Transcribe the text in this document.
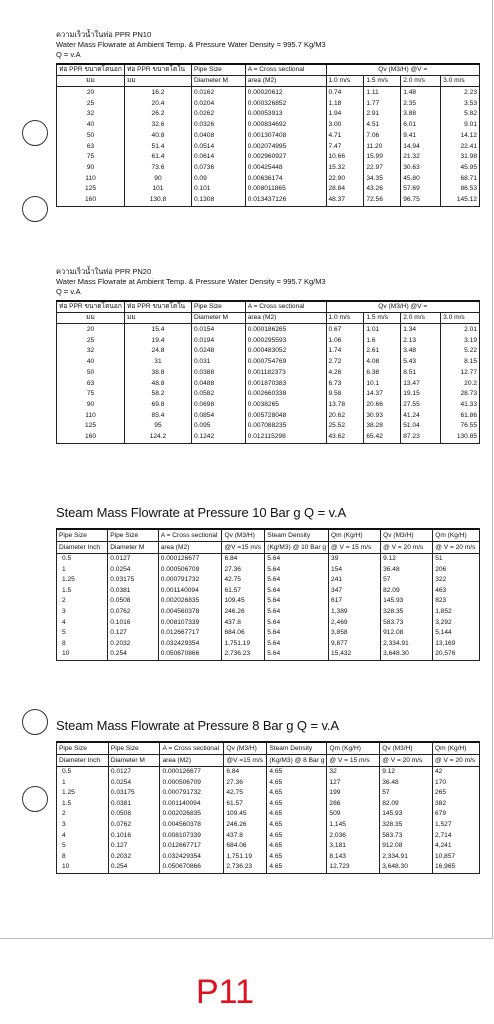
ความเร็วน้ำในท่อ PPR PN10
Water Mass Flowrate at Ambient Temp. & Pressure Water Density = 995.7 Kg/M3
Q = v.A
ท่อ PPR ขนาดโตนอก	ท่อ PPR ขนาดโตใน	Pipe Size	A = Cross sectional	Qv (M3/H) @V =			
มม	มม	Diameter M	area (M2)	1.0 m/s	1.5 m/s	2.0 m/s	3.0 m/s
20	16.2	0.0162	0.00020612	0.74	1.11	1.48	2.23
25	20.4	0.0204	0.000326852	1.18	1.77	2.35	3.53
32	26.2	0.0262	0.00053913	1.94	2.91	3.88	5.82
40	32.6	0.0326	0.000834692	3.00	4.51	6.01	9.01
50	40.8	0.0408	0.001307408	4.71	7.06	9.41	14.12
63	51.4	0.0514	0.002074995	7.47	11.20	14.94	22.41
75	61.4	0.0614	0.002960927	10.66	15.99	21.32	31.98
90	73.6	0.0736	0.00425448	15.32	22.97	30.63	45.95
110	90	0.09	0.00636174	22.90	34.35	45.80	68.71
125	101	0.101	0.008011865	28.84	43.26	57.69	86.53
160	130.8	0.1308	0.013437126	48.37	72.56	96.75	145.12
ความเร็วน้ำในท่อ PPR PN20
Water Mass Flowrate at Ambient Temp. & Pressure Water Density = 995.7 Kg/M3
Q = v.A
ท่อ PPR ขนาดโตนอก	ท่อ PPR ขนาดโตใน	Pipe Size	A = Cross sectional	Qv (M3/H) @V =			
มม	มม	Diameter M	area (M2)	1.0 m/s	1.5 m/s	2.0 m/s	3.0 m/s
20	15.4	0.0154	0.000186265	0.67	1.01	1.34	2.01
25	19.4	0.0194	0.000295593	1.06	1.6	2.13	3.19
32	24.8	0.0248	0.000483052	1.74	2.61	3.48	5.22
40	31	0.031	0.000754769	2.72	4.08	5.43	8.15
50	38.8	0.0388	0.001182373	4.26	6.38	8.51	12.77
63	48.8	0.0488	0.001870383	6.73	10.1	13.47	20.2
75	58.2	0.0582	0.002660338	9.58	14.37	19.15	28.73
90	69.8	0.0698	0.0038265	13.78	20.66	27.55	41.33
110	85.4	0.0854	0.005728048	20.62	30.93	41.24	61.86
125	95	0.095	0.007088235	25.52	38.28	51.04	76.55
160	124.2	0.1242	0.012115298	43.62	65.42	87.23	130.85
Steam Mass Flowrate at Pressure 10 Bar g Q = v.A
Pipe Size	Pipe Size	A = Cross sectional	Qv (M3/H)	Steam Density	Qm (Kg/H)	Qv (M3/H)	Qm (Kg/H)
Diameter Inch	Diameter M	area (M2)	@V =15 m/s	(Kg/M3) @ 10 Bar g	@ V = 15 m/s	@ V = 20 m/s	@ V = 20 m/s
0.5	0.0127	0.000126677	6.84	5.64	39	9.12	51
1	0.0254	0.000506709	27.36	5.64	154	36.48	206
1.25	0.03175	0.000791732	42.75	5.64	241	57	322
1.5	0.0381	0.001140094	61.57	5.64	347	82.09	463
2	0.0508	0.002026835	109.45	5.64	617	145.93	823
3	0.0762	0.004560378	246.26	5.64	1,389	328.35	1,852
4	0.1016	0.008107339	437.8	5.64	2,469	583.73	3,292
5	0.127	0.012667717	684.06	5.64	3,858	912.08	5,144
8	0.2032	0.032429354	1,751.19	5.64	9,877	2,334.91	13,169
10	0.254	0.050670866	2,736.23	5.64	15,432	3,648.30	20,576
Steam Mass Flowrate at Pressure 8 Bar g Q = v.A
Pipe Size	Pipe Size	A = Cross sectional	Qv (M3/H)	Steam Density	Qm (Kg/H)	Qv (M3/H)	Qm (Kg/H)
Diameter Inch	Diameter M	area (M2)	@V =15 m/s	(Kg/M3) @ 8 Bar g	@ V = 15 m/s	@ V = 20 m/s	@ V = 20 m/s
0.5	0.0127	0.000126677	6.84	4.65	32	9.12	42
1	0.0254	0.000506709	27.36	4.65	127	36.48	170
1.25	0.03175	0.000791732	42.75	4.65	199	57	265
1.5	0.0381	0.001140094	61.57	4.65	286	82.09	382
2	0.0508	0.002026835	109.45	4.65	509	145.93	679
3	0.0762	0.004560378	246.26	4.65	1,145	328.35	1,527
4	0.1016	0.008107339	437.8	4.65	2,036	583.73	2,714
5	0.127	0.012667717	684.06	4.65	3,181	912.08	4,241
8	0.2032	0.032429354	1,751.19	4.65	8,143	2,334.91	10,857
10	0.254	0.050670866	2,736.23	4.65	12,723	3,648.30	16,965
P11
